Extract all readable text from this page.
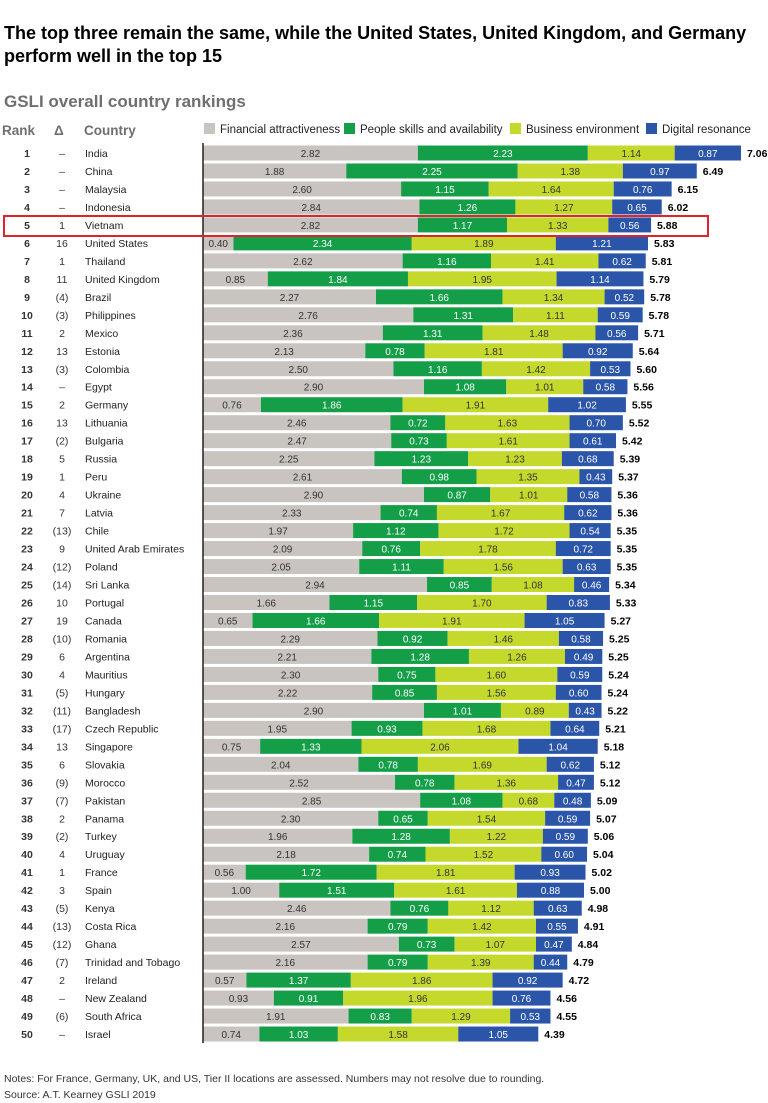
The top three remain the same, while the United States, United Kingdom, and Germany perform well in the top 15
GSLI overall country rankings
Rank Δ Country	Financial attractiveness	People skills and availability	Business environment	Digital resonance
1	– India	2.82	2.23	1.14	0.87	7.06
2	– China	1.88	2.25	1.38	0.97	6.49
3	– Malaysia	2.60	1.15	1.64	0.76 6.15
4	– Indonesia	2.84	1.26	1.27	0.65 6.02
5	1 Vietnam	2.82	1.17	1.33	0.56 5.88
6 16 United States	0.40	2.34	1.89	1.21	5.83
7	1 Thailand	2.62	1.16	1.41	0.62 5.81
8	11 United Kingdom	0.85	1.84	1.95	1.14	5.79
9 (4) Brazil	2.27	1.66	1.34	0.52 5.78
10 (3) Philippines	2.76	1.31	1.11	0.59 5.78
11	2 Mexico	2.36	1.31	1.48	0.56 5.71
12 13 Estonia	2.13	0.78	1.81	0.92	5.64
13 (3) Colombia	2.50	1.16	1.42	0.53 5.60
14 – Egypt	2.90	1.08	1.01	0.58 5.56
15 2 Germany	0.76	1.86	1.91	1.02	5.55
16 13 Lithuania	2.46	0.72	1.63	0.70 5.52
17 (2) Bulgaria	2.47	0.73	1.61	0.61 5.42
18 5 Russia	2.25	1.23	1.23	0.68 5.39
19 1 Peru	2.61	0.98	1.35	0.43 5.37
20 4 Ukraine	2.90	0.87	1.01	0.58 5.36
21 7 Latvia	2.33	0.74	1.67	0.62 5.36
22 (13) Chile	1.97	1.12	1.72	0.54 5.35
23 9 United Arab Emirates	2.09	0.76	1.78	0.72 5.35
24 (12) Poland	2.05	1.11	1.56	0.63 5.35
25 (14) Sri Lanka	2.94	0.85	1.08	0.46 5.34
26 10 Portugal	1.66	1.15	1.70	0.83	5.33
27 19 Canada	0.65	1.66	1.91	1.05	5.27
28 (10) Romania	2.29	0.92	1.46	0.58 5.25
29 6 Argentina	2.21	1.28	1.26	0.49 5.25
30 4 Mauritius	2.30	0.75	1.60	0.59 5.24
31 (5) Hungary	2.22	0.85	1.56	0.60 5.24
32 (11) Bangladesh	2.90	1.01	0.89	0.43 5.22
33 (17) Czech Republic	1.95	0.93	1.68	0.64 5.21
34 13 Singapore	0.75	1.33	2.06	1.04	5.18
35 6 Slovakia	2.04	0.78	1.69	0.62 5.12
36 (9) Morocco	2.52	0.78	1.36	0.47 5.12
37 (7) Pakistan	2.85	1.08	0.68 0.48 5.09
38 2 Panama	2.30	0.65	1.54	0.59 5.07
39 (2) Turkey	1.96	1.28	1.22	0.59 5.06
40 4 Uruguay	2.18	0.74	1.52	0.60 5.04
41 1 France	0.56	1.72	1.81	0.93	5.02
42 3 Spain	1.00	1.51	1.61	0.88	5.00
43 (5) Kenya	2.46	0.76	1.12	0.63 4.98
44 (13) Costa Rica	2.16	0.79	1.42	0.55 4.91
45 (12) Ghana	2.57	0.73	1.07	0.47 4.84
46 (7) Trinidad and Tobago	2.16	0.79	1.39	0.44 4.79
47 2 Ireland	0.57	1.37	1.86	0.92	4.72
48 – New Zealand	0.93	0.91	1.96	0.76 4.56
49 (6) South Africa	1.91	0.83	1.29	0.53 4.55
50 – Israel	0.74	1.03	1.58	1.05	4.39
Notes: For France, Germany, UK, and US, Tier II locations are assessed. Numbers may not resolve due to rounding.
Source: A.T. Kearney GSLI 2019
